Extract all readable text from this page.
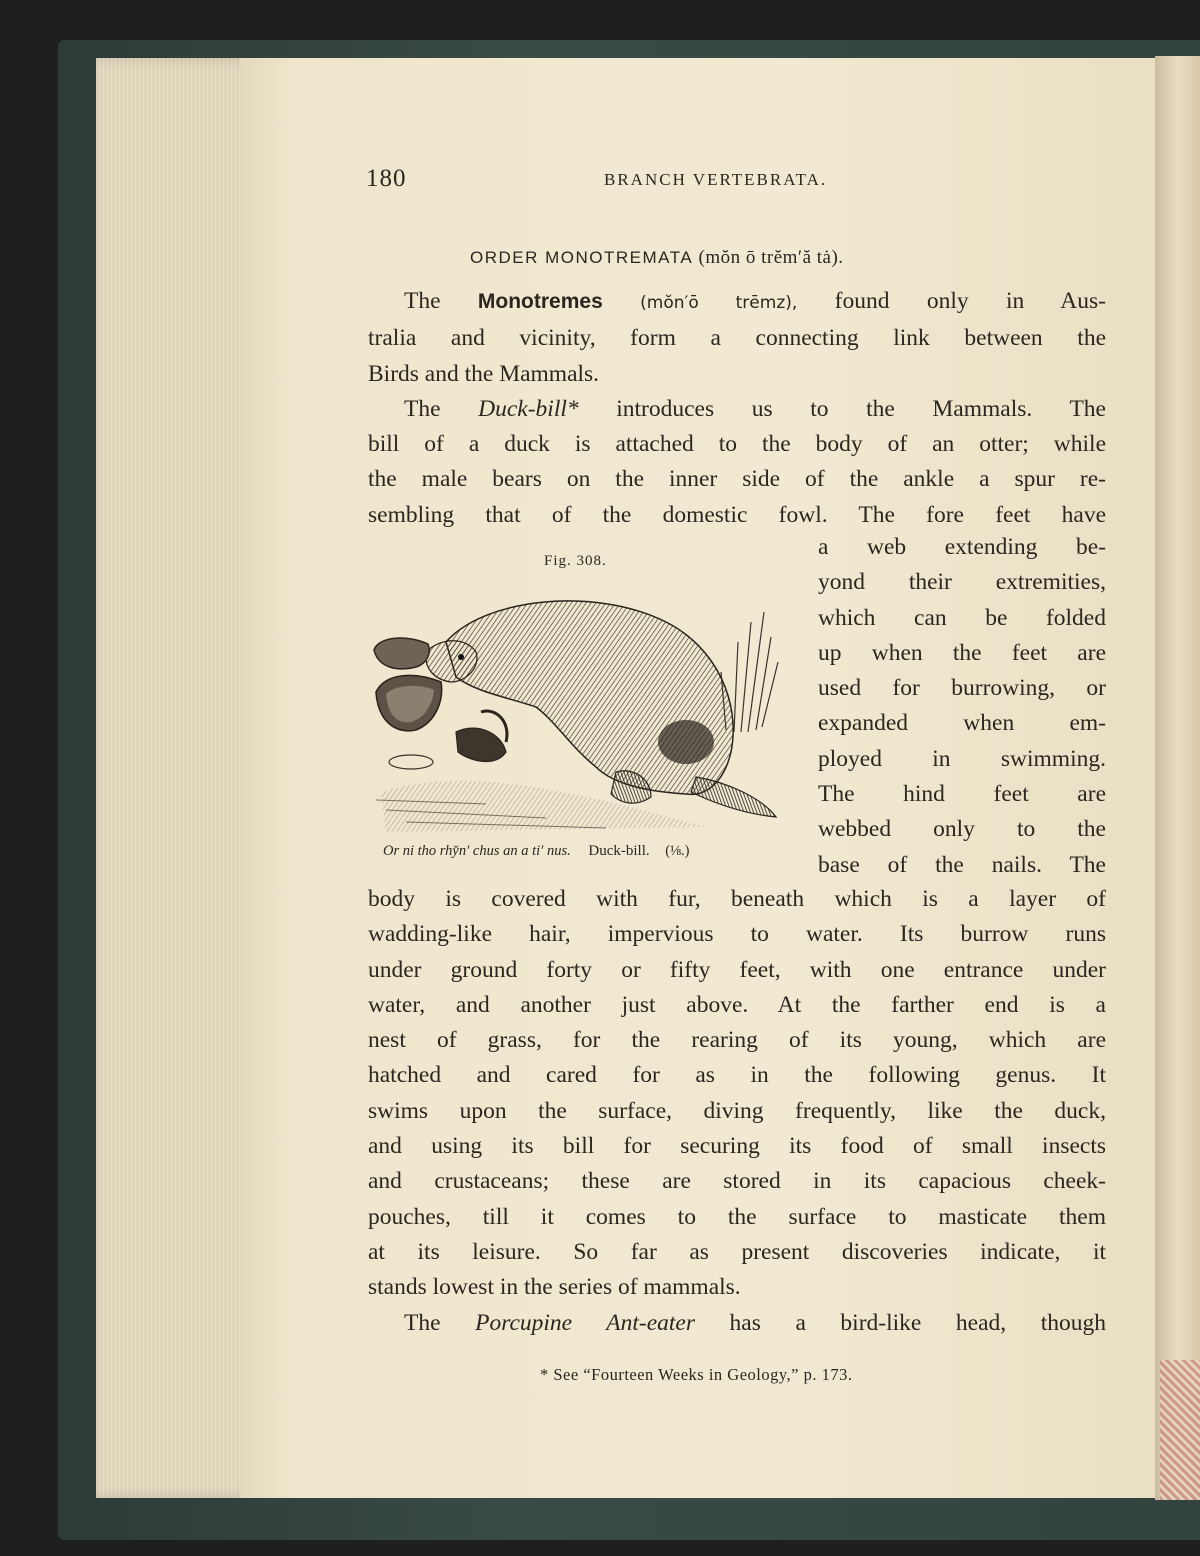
180	BRANCH VERTEBRATA.
ORDER MONOTREMATA (mŏn ō trĕm′ă tȧ).
The Monotremes (mŏn′ō trēmz), found only in Aus-
tralia and vicinity, form a connecting link between the
Birds and the Mammals.
The Duck-bill* introduces us to the Mammals. The
bill of a duck is attached to the body of an otter; while
the male bears on the inner side of the ankle a spur re-
sembling that of the domestic fowl. The fore feet have
a web extending be-
yond their extremities,
which can be folded
up when the feet are
used for burrowing, or
expanded when em-
ployed in swimming.
The hind feet are
webbed only to the
base of the nails. The
Fig. 308.
Or ni tho rhy̆n′ chus an a ti′ nus. Duck-bill. (⅛.)
body is covered with fur, beneath which is a layer of
wadding-like hair, impervious to water. Its burrow runs
under ground forty or fifty feet, with one entrance under
water, and another just above. At the farther end is a
nest of grass, for the rearing of its young, which are
hatched and cared for as in the following genus. It
swims upon the surface, diving frequently, like the duck,
and using its bill for securing its food of small insects
and crustaceans; these are stored in its capacious cheek-
pouches, till it comes to the surface to masticate them
at its leisure. So far as present discoveries indicate, it
stands lowest in the series of mammals.
The Porcupine Ant-eater has a bird-like head, though
* See “Fourteen Weeks in Geology,” p. 173.
